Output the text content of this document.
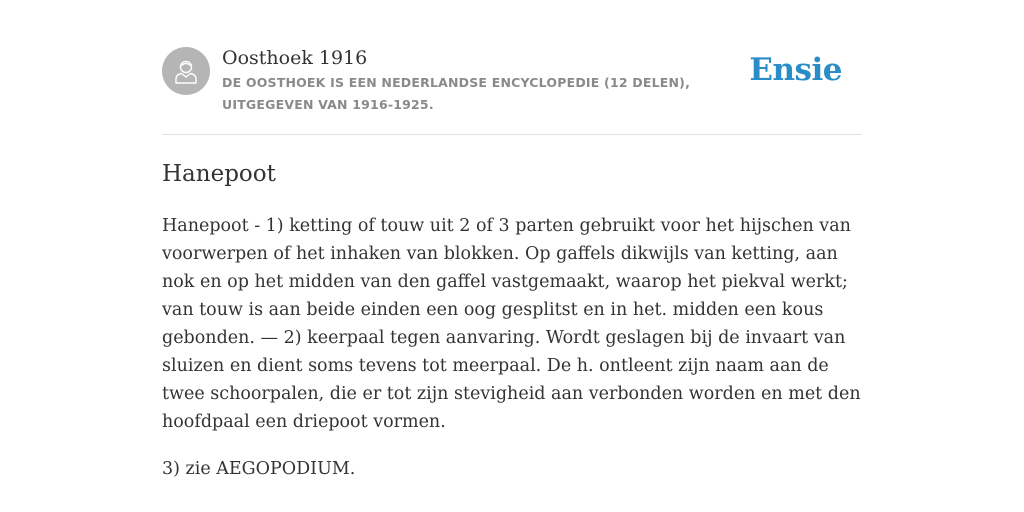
Oosthoek 1916
DE OOSTHOEK IS EEN NEDERLANDSE ENCYCLOPEDIE (12 DELEN), UITGEGEVEN VAN 1916-1925.
Ensie
Hanepoot

Hanepoot - 1) ketting of touw uit 2 of 3 parten gebruikt voor het hijschen van voorwerpen of het inhaken van blokken. Op gaffels dikwijls van ketting, aan nok en op het midden van den gaffel vastgemaakt, waarop het piekval werkt; van touw is aan beide einden een oog gesplitst en in het. midden een kous gebonden. — 2) keerpaal tegen aanvaring. Wordt geslagen bij de invaart van sluizen en dient soms tevens tot meerpaal. De h. ontleent zijn naam aan de twee schoorpalen, die er tot zijn stevigheid aan verbonden worden en met den hoofdpaal een driepoot vormen.

3) zie AEGOPODIUM.
